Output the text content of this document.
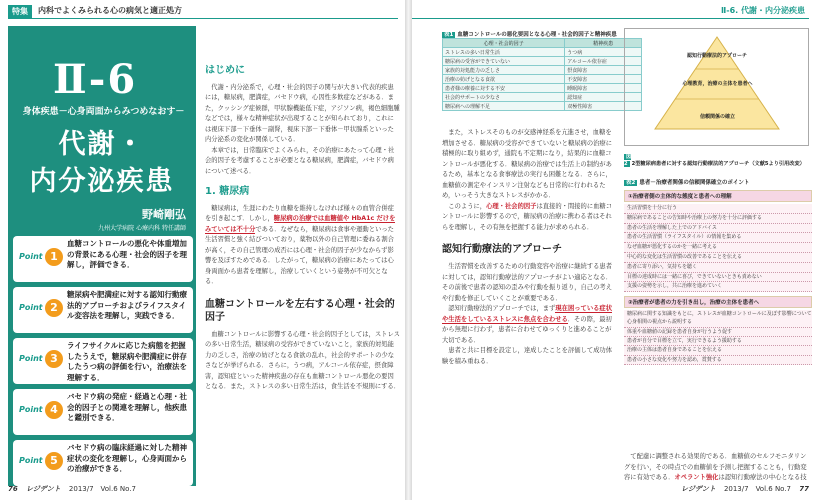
特集	内科でよくみられる心の病気と適正処方
Ⅱ-6
身体疾患－心身両面からみつめなおす－
代謝・
内分泌疾患
野崎剛弘
九州大学病院 心療内科 特任講師
Point 1
血糖コントロールの悪化や体重増加の背景にある心理・社会的因子を理解し，評価できる．
Point 2
糖尿病や肥満症に対する認知行動療法的アプローチおよびライフスタイル変容法を理解し，実践できる．
Point 3
ライフサイクルに応じた病態を把握したうえで，糖尿病や肥満症に併存したうつ病の評価を行い，治療法を理解する．
Point 4
バセドウ病の発症・経過と心理・社会的因子との関連を理解し，他疾患と鑑別できる．
Point 5
バセドウ病の臨床経過に対した精神症状の変化を理解し，心身両面からの治療ができる．
はじめに

代謝・内分泌系で，心理・社会的因子の関与が大きい代表的疾患には，糖尿病，肥満症，バセドウ病，心因性多飲症などがある．また，クッシング症候群，甲状腺機能低下症，アジソン病，褐色細胞腫などでは，様々な精神症状が出現することが知られており，これには視床下部－下垂体－副腎，視床下部－下垂体－甲状腺系といった内分泌系の変化が関係している．

本章では，日常臨床でよくみられ，その治療にあたって心理・社会的因子を考慮することが必要となる糖尿病，肥満症，バセドウ病について述べる．

1. 糖尿病

糖尿病は，生涯にわたり血糖を維持しなければ様々の血管合併症を引き起こす．しかし，糖尿病の治療では血糖値や HbA1c だけをみていては不十分である．なぜなら，糖尿病は食事や運動といった生活習慣と強く結びついており，薬物以外の自己管理に委ねる割合が高く，その自己管理の成否には心理・社会的因子が少なからず影響を及ぼすためである．したがって，糖尿病の治療にあたっては心身両面から患者を理解し，治療していくという姿勢が不可欠となる．

血糖コントロールを左右する心理・社会的因子

血糖コントロールに影響する心理・社会的因子としては，ストレスの多い日常生活，糖尿病の受容ができていないこと，家族的対処能力の乏しさ，治療の妨げとなる食欲の乱れ，社会的サポートの少なさなどが挙げられる．さらに，うつ病，アルコール依存症，摂食障害，認知症といった精神疾患の存在も血糖コントロール悪化の要因となる．また，ストレスの多い日常生活は，食生活を不規則にする．

76 レジデント 2013/7　Vol.6 No.7
Ⅱ-6. 代謝・内分泌疾患
表1 血糖コントロールの悪化要因となる心理・社会的因子と精神疾患
心理・社会的因子	精神疾患
ストレスの多い日常生活	うつ病
糖尿病の受容ができていない	アルコール依存症
家族的対処能力の乏しさ	摂食障害
治療の妨げとなる食欲	不安障害
患者様の療養に対する不安	睡眠障害
社会的サポートの少なさ	認知症
糖尿病への理解不足	双極性障害
認知行動療法的アプローチ
心理教育，治療の主体を患者へ
信頼関係の確立
図2 2型糖尿病患者に対する認知行動療法的アプローチ（文献5より引用改変）
表2 患者－治療者関係の信頼関係確立のポイント
①治療者側の主体的な態度と患者への理解
生活習慣を十分に行う
糖尿病であることの告知時や治療上の努力を十分に評価する
患者の生活を理解した上でのアドバイス
患者の生活習慣（ライフスタイル）の情報を集める
なぜ血糖が悪化するのかを一緒に考える
中心的な変化は生活習慣の改善であることを伝える
患者に寄り添い，気持ちを聴く
目標の達成時には一緒に喜び，できていないときも責めない
支援の姿勢を示し，共に治療を進めていく
②治療者が患者の力を引き出し，治療の主体を患者へ
糖尿病に関する知識をもとに，ストレスが血糖コントロールに及ぼす影響について心身相関の視点から説明する
体重や血糖値の記録を患者自身が行うよう促す
患者が自分で目標を立て，実行できるよう援助する
治療の主体は患者自身であることを伝える
患者の小さな変化や努力を認め，賞賛する

また，ストレスそのものが交感神経系を亢進させ，血糖を増加させる．糖尿病の受容ができていないと糖尿病の治療に積極的に取り組めず，通院も不定期になり，結果的に血糖コントロールが悪化する．糖尿病の治療では生活上の制約があるため，基本となる食事療法の実行も困難となる．さらに，血糖値の測定やインスリン注射なども日常的に行われるため，いっそう大きなストレスがかかる．

このように，心理・社会的因子は直接的・間接的に血糖コントロールに影響するので，糖尿病の治療に携わる者はそれらを理解し，その有無を把握する能力が求められる．

認知行動療法的アプローチ

生活習慣を改善するための行動変容や治療に継続する患者に対しては，認知行動療法的アプローチがよい適応となる．その前後で患者の認知の歪みや行動を振り返り，自己の考えや行動を修正していくことが重要である．

認知行動療法的アプローチでは，まず現在困っている症状や生活をしているストレスに焦点を合わせる．その際，最初から無理に行わず，患者に合わせてゆっくりと進めることが大切である．

患者と共に目標を設定し，達成したことを評価して成功体験を積み重ねる．

レジデント 2013/7　Vol.6 No.7 77

て配慮に調整される効果的である．血糖値のセルフモニタリングを行い，その時点での血糖値を予測し把握することも，行動変容に有効である．オペラント強化は認知行動療法の中心となる技
